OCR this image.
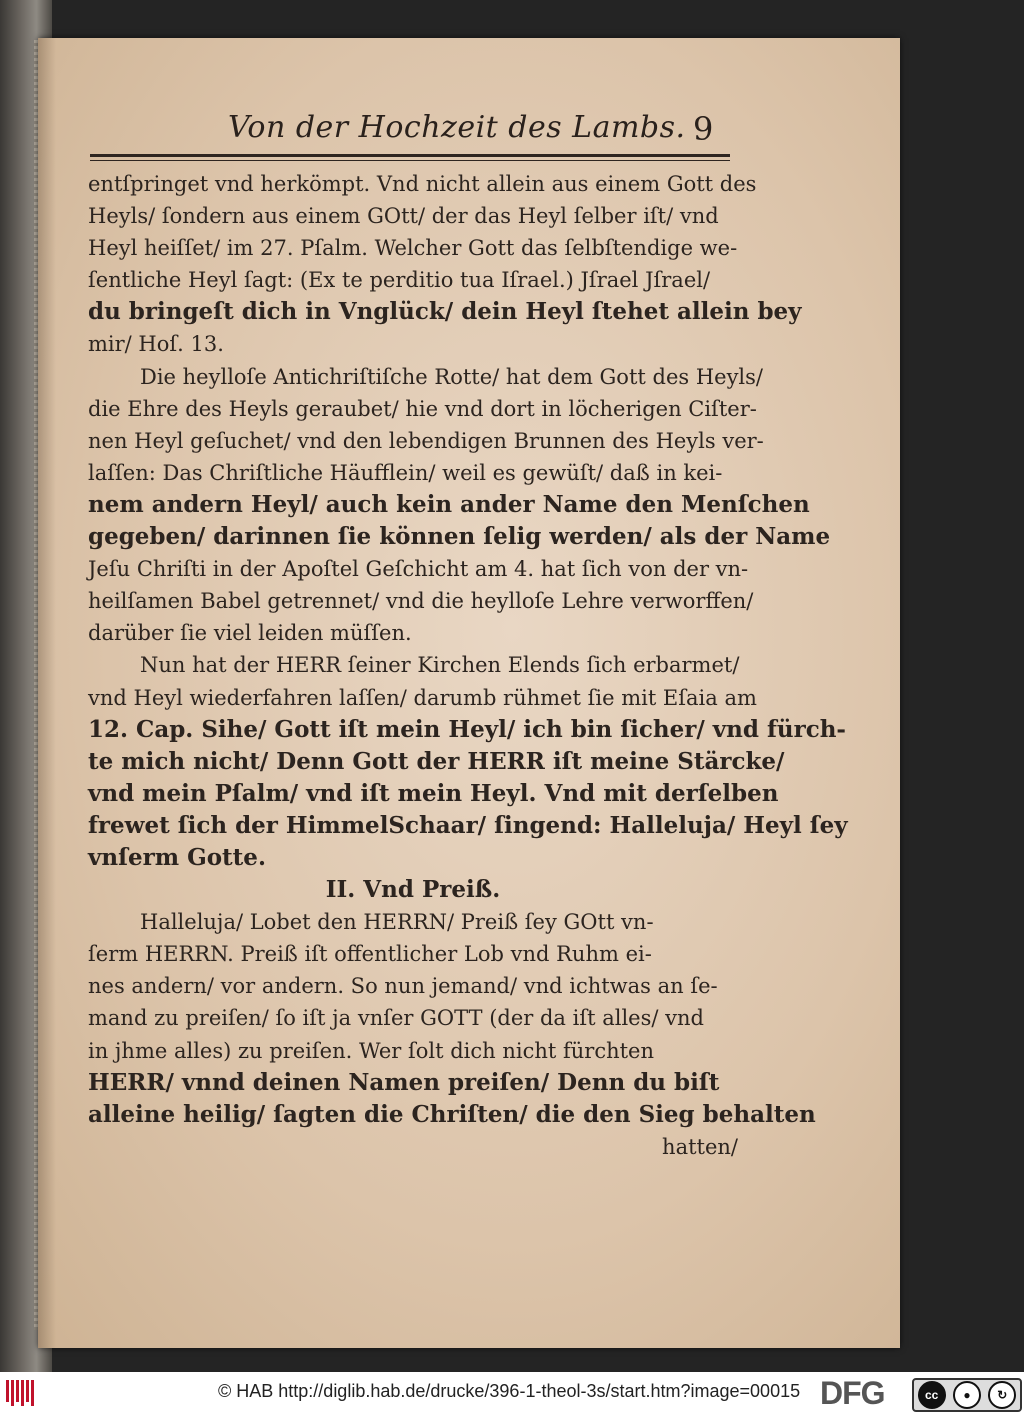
Von der Hochzeit des Lambs. 9
entſpringet vnd herkömpt. Vnd nicht allein aus einem Gott des
Heyls/ ſondern aus einem GOtt/ der das Heyl ſelber iſt/ vnd
Heyl heiſſet/ im 27. Pſalm. Welcher Gott das ſelbſtendige we-
ſentliche Heyl ſagt: (Ex te perditio tua Iſrael.) Jſrael Jſrael/
du bringeſt dich in Vnglück/ dein Heyl ſtehet allein bey
mir/ Hoſ. 13.
Die heylloſe Antichriſtiſche Rotte/ hat dem Gott des Heyls/
die Ehre des Heyls geraubet/ hie vnd dort in löcherigen Ciſter-
nen Heyl geſuchet/ vnd den lebendigen Brunnen des Heyls ver-
laſſen: Das Chriſtliche Häufflein/ weil es gewüſt/ daß in kei-
nem andern Heyl/ auch kein ander Name den Menſchen
gegeben/ darinnen ſie können ſelig werden/ als der Name
Jeſu Chriſti in der Apoſtel Geſchicht am 4. hat ſich von der vn-
heilſamen Babel getrennet/ vnd die heylloſe Lehre verworffen/
darüber ſie viel leiden müſſen.
Nun hat der HERR ſeiner Kirchen Elends ſich erbarmet/
vnd Heyl wiederfahren laſſen/ darumb rühmet ſie mit Eſaia am
12. Cap. Sihe/ Gott iſt mein Heyl/ ich bin ſicher/ vnd fürch-
te mich nicht/ Denn Gott der HERR iſt meine Stärcke/
vnd mein Pſalm/ vnd iſt mein Heyl. Vnd mit derſelben
frewet ſich der HimmelSchaar/ ſingend: Halleluja/ Heyl ſey
vnſerm Gotte.
II. Vnd Preiß.
Halleluja/ Lobet den HERRN/ Preiß ſey GOtt vn-
ſerm HERRN. Preiß iſt offentlicher Lob vnd Ruhm ei-
nes andern/ vor andern. So nun jemand/ vnd ichtwas an ſe-
mand zu preiſen/ ſo iſt ja vnſer GOTT (der da iſt alles/ vnd
in jhme alles) zu preiſen. Wer ſolt dich nicht fürchten
HERR/ vnnd deinen Namen preiſen/ Denn du biſt
alleine heilig/ ſagten die Chriſten/ die den Sieg behalten
hatten/
© HAB http://diglib.hab.de/drucke/396-1-theol-3s/start.htm?image=00015 DFG	cc	●	↻
